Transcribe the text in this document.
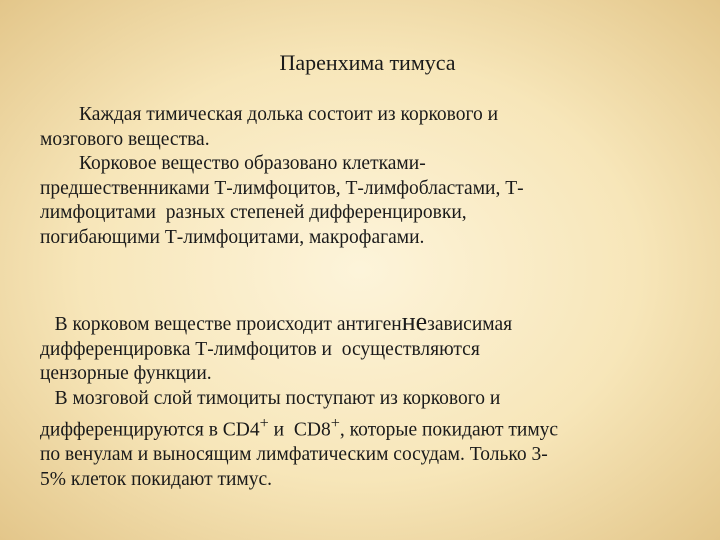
Паренхима тимуса

Каждая тимическая долька состоит из коркового и

мозгового вещества.

Корковое вещество образовано клетками-

предшественниками Т-лимфоцитов, Т-лимфобластами, Т-

лимфоцитами  разных степеней дифференцировки,

погибающими Т-лимфоцитами, макрофагами.

В корковом веществе происходит антигеннезависимая

дифференцировка Т-лимфоцитов и  осуществляются

цензорные функции.

В мозговой слой тимоциты поступают из коркового и

дифференцируются в CD4+ и  CD8+, которые покидают тимус

по венулам и выносящим лимфатическим сосудам. Только 3-

5% клеток покидают тимус.
